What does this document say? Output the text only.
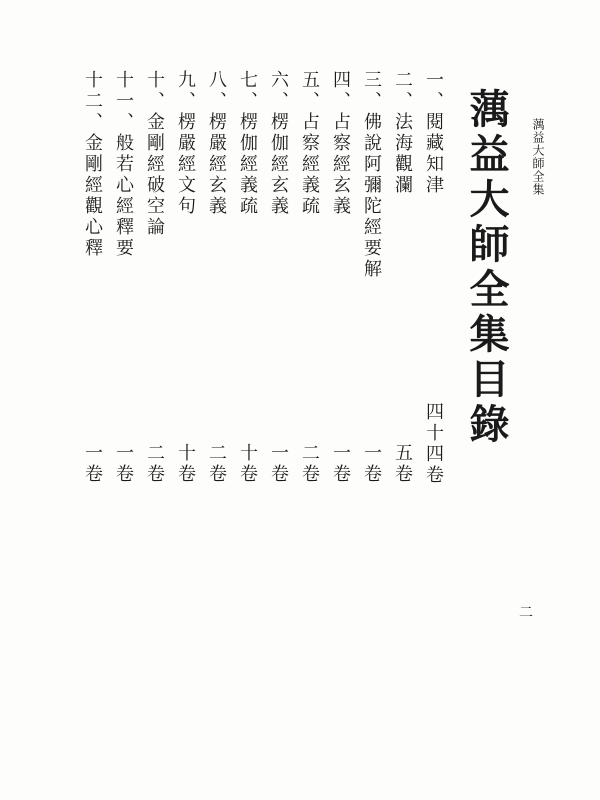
蕅益大師全集
蕅益大師全集目錄
一、閱藏知津
四十四卷
二、法海觀瀾
五卷
三、佛說阿彌陀經要解
一卷
四、占察經玄義
一卷
五、占察經義疏
二卷
六、楞伽經玄義
一卷
七、楞伽經義疏
十卷
八、楞嚴經玄義
二卷
九、楞嚴經文句
十卷
十、金剛經破空論
二卷
十一、般若心經釋要
一卷
十二、金剛經觀心釋
一卷
二
